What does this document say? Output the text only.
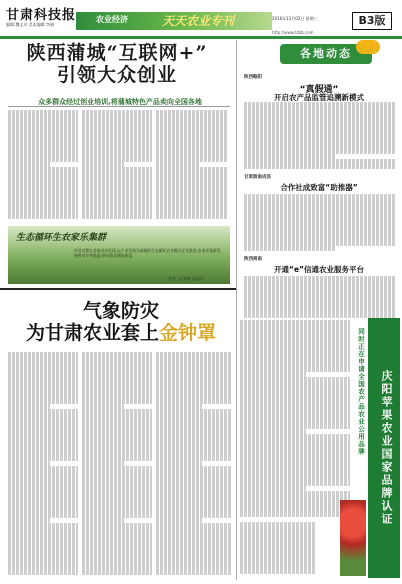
甘肃科技报
编辑:魏文芳 美术编辑:李娟
农业经济	天天农业专刊	2016年11月02日 星期三	B3版
http://www.tdzb.com
陕西蒲城“互联网+”
引领大众创业
众多群众经过创业培训,将蒲城特色产品卖向全国各地
生态循环生农家乐集群
作者近期在各地采访发现,以产业发展为基础的生态循环农业模式正在推进,农家乐集群发展带动乡村旅游,带动群众增收致富。
作者 文/李辉 孙国平
气象防灾
为甘肃农业套上金钟罩
各地动态
陕西略阳
“真假通”
开启农产品监管追溯新模式
甘肃陇南成县
合作社成致富“助推器”
陕西商南
开通“e”信通农业服务平台
庆阳苹果农业国家品牌认证
同时正在申请全国农产品农业公用品牌
